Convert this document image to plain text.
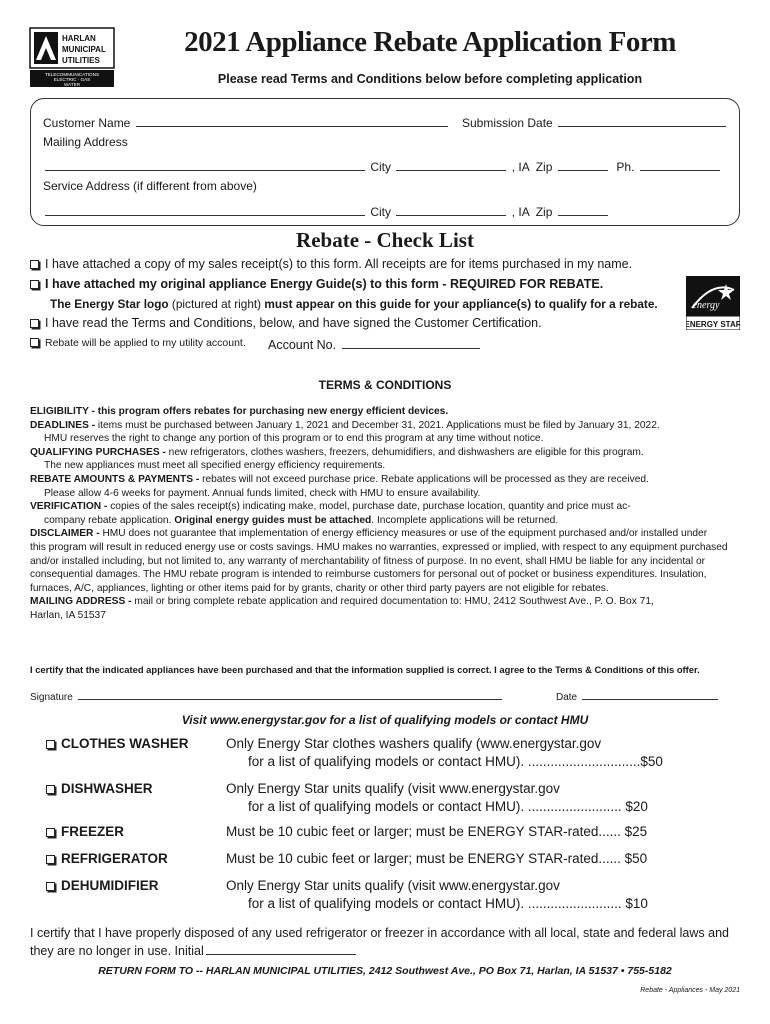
HARLAN
MUNICIPAL
UTILITIES
TELECOMMUNICATIONS
ELECTRIC · GAS
WATER
2021 Appliance Rebate Application Form
Please read Terms and Conditions below before completing application
Customer Name	Submission Date
Mailing Address
City	, IA Zip	Ph.
Service Address (if different from above)
City	, IA Zip
Rebate - Check List
I have attached a copy of my sales receipt(s) to this form. All receipts are for items purchased in my name.
I have attached my original appliance Energy Guide(s) to this form - REQUIRED FOR REBATE.
The Energy Star logo (pictured at right) must appear on this guide for your appliance(s) to qualify for a rebate.
I have read the Terms and Conditions, below, and have signed the Customer Certification.
Rebate will be applied to my utility account. Account No.
energy
ENERGY STAR
TERMS & CONDITIONS

ELIGIBILITY - this program offers rebates for purchasing new energy efficient devices.

DEADLINES - items must be purchased between January 1, 2021 and December 31, 2021. Applications must be filed by January 31, 2022.

HMU reserves the right to change any portion of this program or to end this program at any time without notice.

QUALIFYING PURCHASES - new refrigerators, clothes washers, freezers, dehumidifiers, and dishwashers are eligible for this program.

The new appliances must meet all specified energy efficiency requirements.

REBATE AMOUNTS & PAYMENTS - rebates will not exceed purchase price. Rebate applications will be processed as they are received.

Please allow 4-6 weeks for payment. Annual funds limited, check with HMU to ensure availability.

VERIFICATION - copies of the sales receipt(s) indicating make, model, purchase date, purchase location, quantity and price must ac-

company rebate application. Original energy guides must be attached. Incomplete applications will be returned.

DISCLAIMER - HMU does not guarantee that implementation of energy efficiency measures or use of the equipment purchased and/or installed under

this program will result in reduced energy use or costs savings. HMU makes no warranties, expressed or implied, with respect to any equipment purchased and/or installed including, but not limited to, any warranty of merchantability of fitness of purpose. In no event, shall HMU be liable for any incidental or consequential damages. The HMU rebate program is intended to reimburse customers for personal out of pocket or business expenditures. Insulation, furnaces, A/C, appliances, lighting or other items paid for by grants, charity or other third party payers are not eligible for rebates.

MAILING ADDRESS - mail or bring complete rebate application and required documentation to: HMU, 2412 Southwest Ave., P. O. Box 71,

Harlan, IA 51537

I certify that the indicated appliances have been purchased and that the information supplied is correct. I agree to the Terms & Conditions of this offer.
Signature	Date
Visit www.energystar.gov for a list of qualifying models or contact HMU
CLOTHES WASHER	Only Energy Star clothes washers qualify (www.energystar.gov
for a list of qualifying models or contact HMU). ..............................$50
DISHWASHER	Only Energy Star units qualify (visit www.energystar.gov
for a list of qualifying models or contact HMU). ......................... $20
FREEZER	Must be 10 cubic feet or larger; must be ENERGY STAR-rated...... $25
REFRIGERATOR	Must be 10 cubic feet or larger; must be ENERGY STAR-rated...... $50
DEHUMIDIFIER	Only Energy Star units qualify (visit www.energystar.gov
for a list of qualifying models or contact HMU). ......................... $10
I certify that I have properly disposed of any used refrigerator or freezer in accordance with all local, state and federal laws and they are no longer in use. Initial
RETURN FORM TO -- HARLAN MUNICIPAL UTILITIES, 2412 Southwest Ave., PO Box 71, Harlan, IA 51537 • 755-5182
Rebate - Appliances - May 2021
